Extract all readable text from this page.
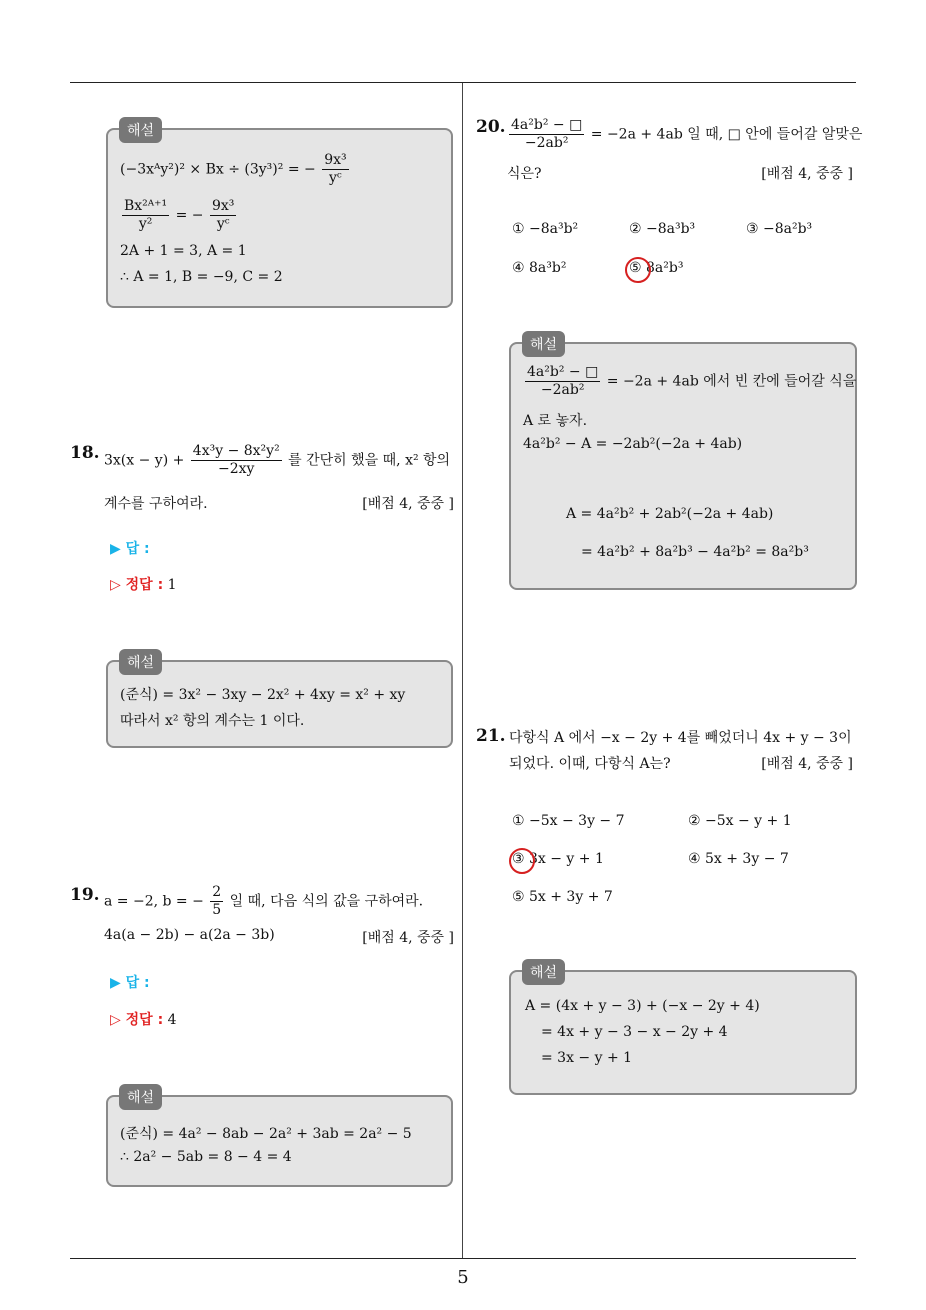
(−3xᴬy²)² × Bx ÷ (3y³)² = − $\frac{\text{9x³}}{\text{yᶜ}}$
$\frac{\text{Bx²ᴬ⁺¹}}{\text{y²}}$ = − $\frac{\text{9x³}}{\text{yᶜ}}$
2A + 1 = 3, A = 1
∴ A = 1, B = −9, C = 2
해설
18. $3x(x - y) + \frac{\text{4x³y − 8x²y²}}{-2xy}$ 를 간단히 했을 때, x² 항의
계수를 구하여라.	[배점 4, 중중 ]
▶ 답 :
▷ 정답 : 1
(준식) = 3x² − 3xy − 2x² + 4xy = x² + xy
따라서 x² 항의 계수는 1 이다.
해설
19. a = −2, b = − $\frac{2}{5}$ 일 때, 다음 식의 값을 구하여라.
4a(a − 2b) − a(2a − 3b)	[배점 4, 중중 ]
▶ 답 :
▷ 정답 : 4
(준식) = 4a² − 8ab − 2a² + 3ab = 2a² − 5
∴ 2a² − 5ab = 8 − 4 = 4
해설
20. $\frac{\text{4a²b² − □}}{\text{−2ab²}} = -2a + 4ab$ 일 때, □ 안에 들어갈 알맞은
식은?	[배점 4, 중중 ]
① −8a³b²	② −8a³b³	③ −8a²b³
④ 8a³b²	⑤ 8a²b³
$\frac{\text{4a²b² − □}}{\text{−2ab²}} = -2a + 4ab$ 에서 빈 칸에 들어갈 식을
A 로 놓자.
4a²b² − A = −2ab²(−2a + 4ab)
A = 4a²b² + 2ab²(−2a + 4ab)
= 4a²b² + 8a²b³ − 4a²b² = 8a²b³
해설
21. 다항식 A 에서 −x − 2y + 4를 빼었더니 4x + y − 3이
되었다. 이때, 다항식 A는?	[배점 4, 중중 ]
① −5x − 3y − 7	② −5x − y + 1
③ 3x − y + 1	④ 5x + 3y − 7
⑤ 5x + 3y + 7
A = (4x + y − 3) + (−x − 2y + 4)
= 4x + y − 3 − x − 2y + 4
= 3x − y + 1
해설
5
